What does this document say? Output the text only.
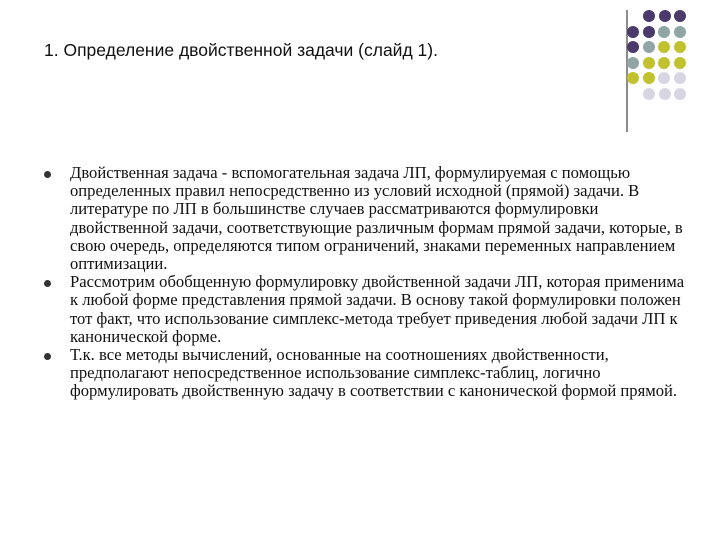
1. Определение двойственной задачи (слайд 1).
Двойственная задача - вспомогательная задача ЛП, формулируемая с помощью определенных правил непосредственно из условий исходной (прямой) задачи. В литературе по ЛП в большинстве случаев рассматриваются формулировки двойственной задачи, соответствующие различным формам прямой задачи, которые, в свою очередь, определяются типом ограничений, знаками переменных направлением оптимизации.
Рассмотрим обобщенную формулировку двойственной задачи ЛП, которая применима к любой форме представления прямой задачи. В основу такой формулировки положен тот факт, что использование симплекс-метода требует приведения любой задачи ЛП к канонической форме.
Т.к. все методы вычислений, основанные на соотношениях двойственности, предполагают непосредственное использование симплекс-таблиц, логично формулировать двойственную задачу в соответствии с канонической формой прямой.
